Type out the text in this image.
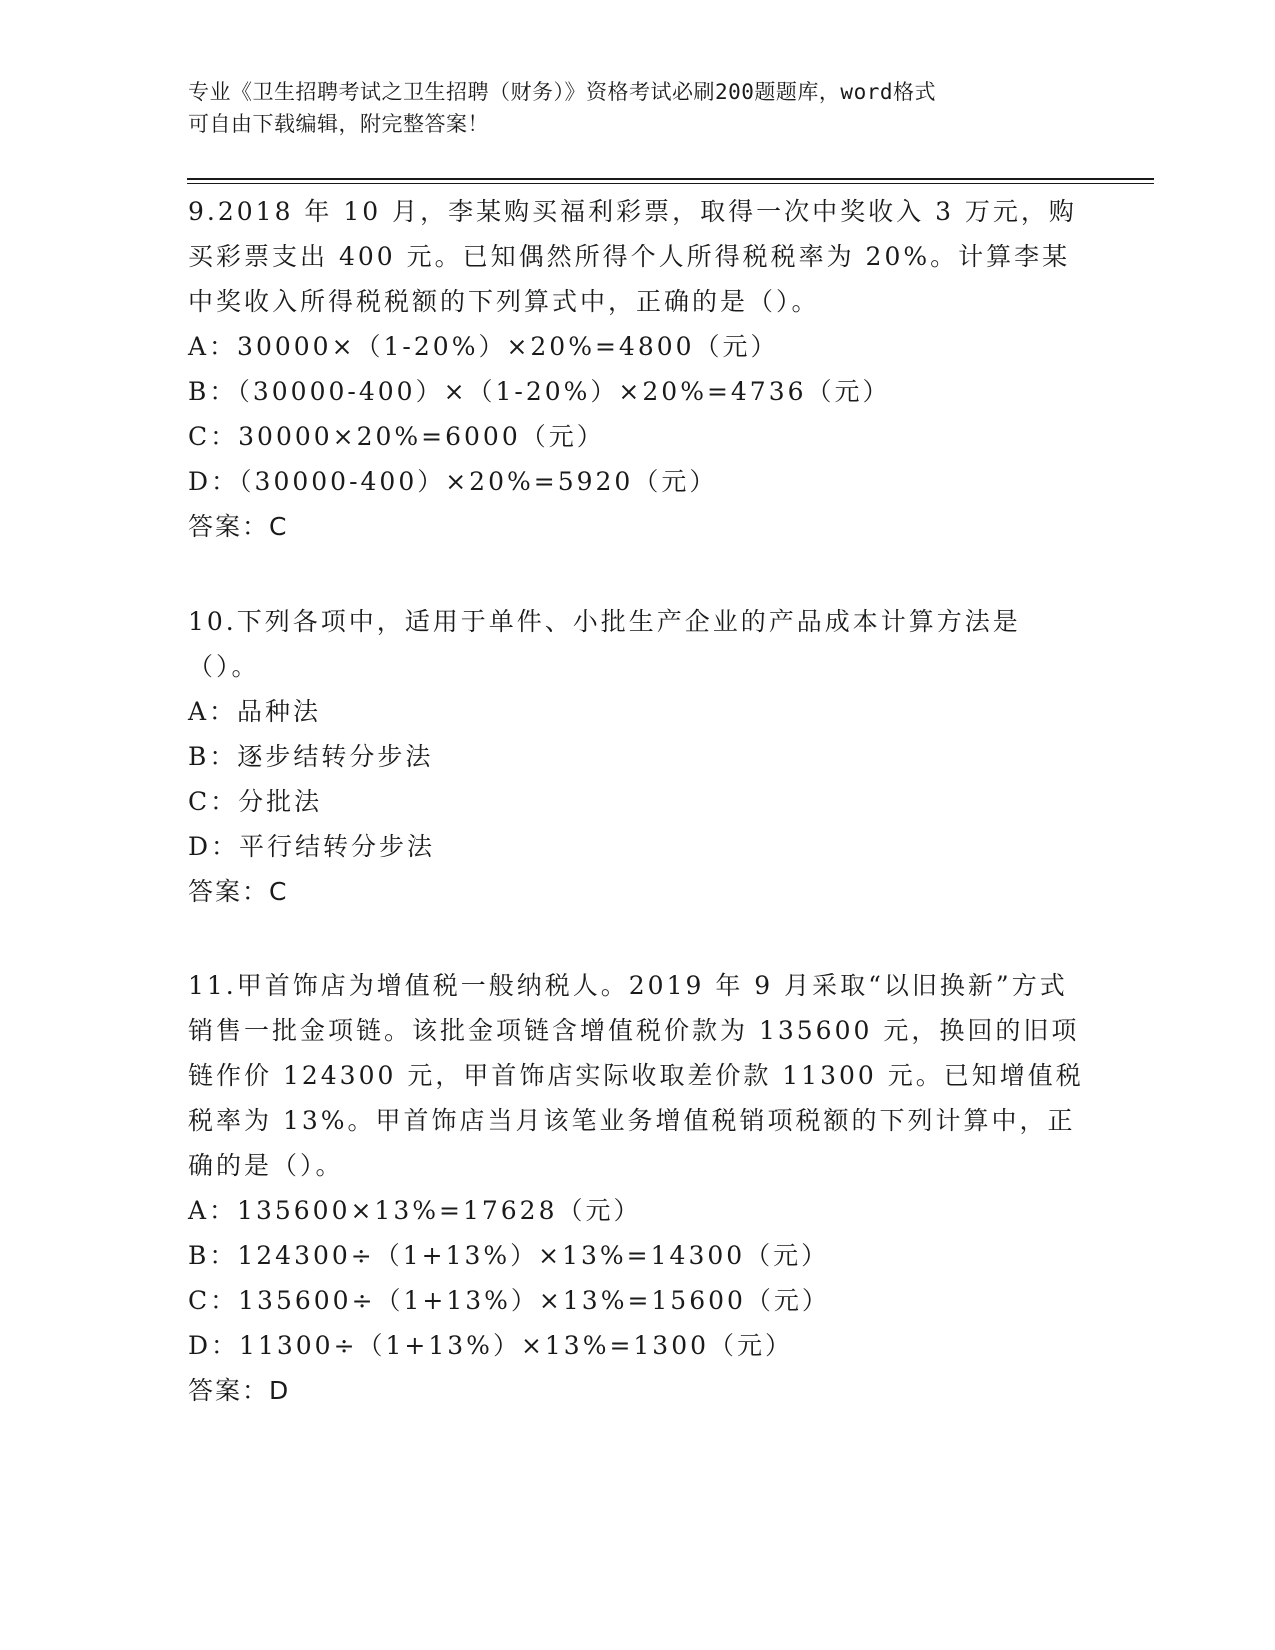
专业《卫生招聘考试之卫生招聘（财务）》资格考试必刷200题题库，word格式
可自由下载编辑，附完整答案！
9.2018 年 10 月，李某购买福利彩票，取得一次中奖收入 3 万元，购买彩票支出 400 元。已知偶然所得个人所得税税率为 20%。计算李某中奖收入所得税税额的下列算式中，正确的是（）。
A：30000×（1-20%）×20%=4800（元）
B：（30000-400）×（1-20%）×20%=4736（元）
C：30000×20%=6000（元）
D：（30000-400）×20%=5920（元）
答案：C
10.下列各项中，适用于单件、小批生产企业的产品成本计算方法是（）。
A：品种法
B：逐步结转分步法
C：分批法
D：平行结转分步法
答案：C
11.甲首饰店为增值税一般纳税人。2019 年 9 月采取“以旧换新”方式销售一批金项链。该批金项链含增值税价款为 135600 元，换回的旧项链作价 124300 元，甲首饰店实际收取差价款 11300 元。已知增值税税率为 13%。甲首饰店当月该笔业务增值税销项税额的下列计算中，正确的是（）。
A：135600×13%=17628（元）
B：124300÷（1+13%）×13%=14300（元）
C：135600÷（1+13%）×13%=15600（元）
D：11300÷（1+13%）×13%=1300（元）
答案：D
